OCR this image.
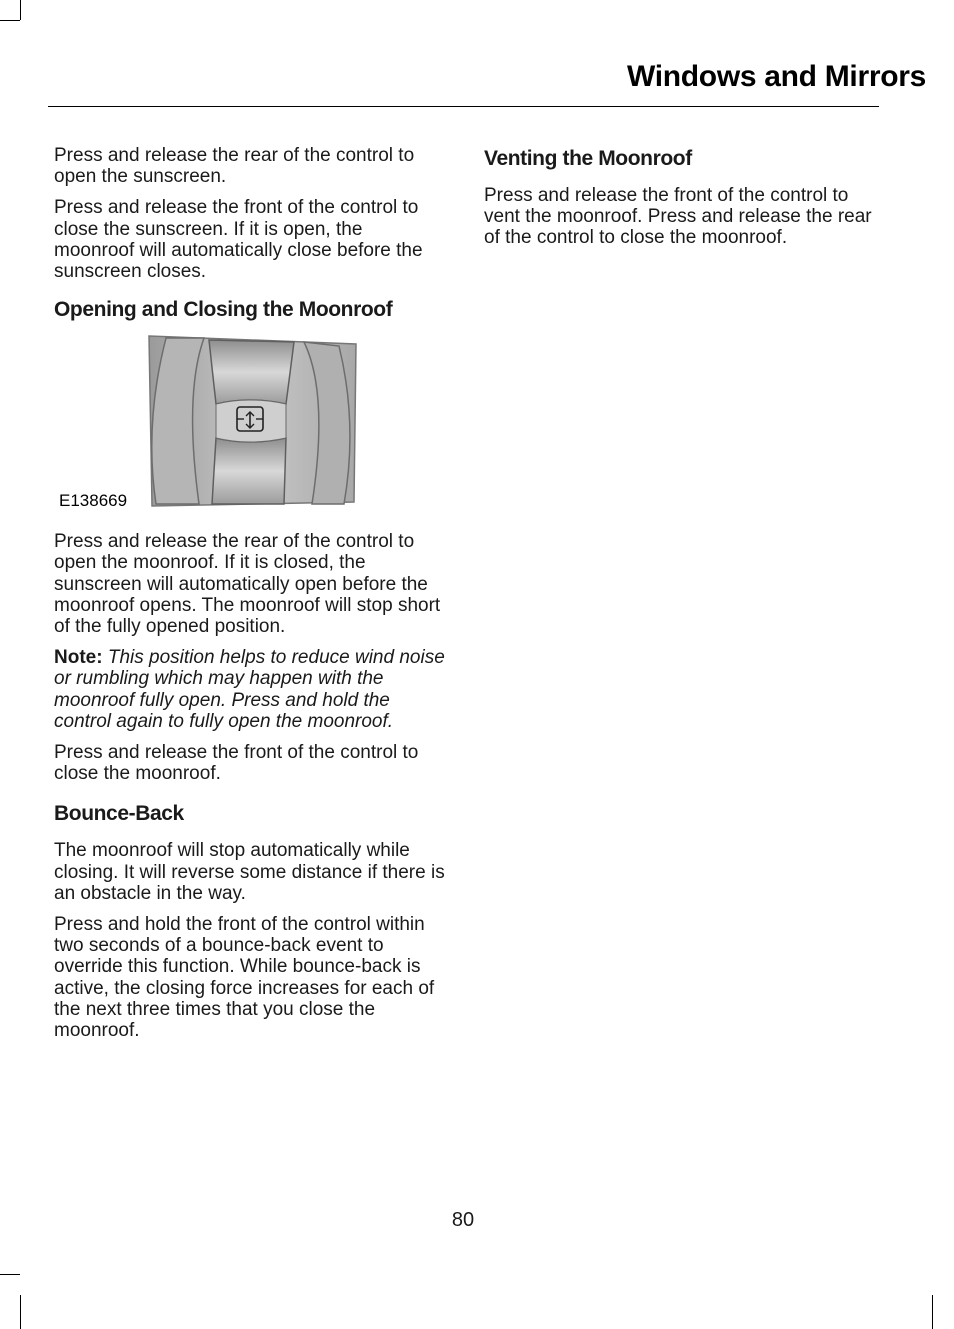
Windows and Mirrors

Press and release the rear of the control to open the sunscreen.

Press and release the front of the control to close the sunscreen. If it is open, the moonroof will automatically close before the sunscreen closes.

Opening and Closing the Moonroof
E138669

Press and release the rear of the control to open the moonroof. If it is closed, the sunscreen will automatically open before the moonroof opens. The moonroof will stop short of the fully opened position.

Note: This position helps to reduce wind noise or rumbling which may happen with the moonroof fully open. Press and hold the control again to fully open the moonroof.

Press and release the front of the control to close the moonroof.

Bounce-Back

The moonroof will stop automatically while closing. It will reverse some distance if there is an obstacle in the way.

Press and hold the front of the control within two seconds of a bounce-back event to override this function. While bounce-back is active, the closing force increases for each of the next three times that you close the moonroof.

Venting the Moonroof

Press and release the front of the control to vent the moonroof. Press and release the rear of the control to close the moonroof.

80
